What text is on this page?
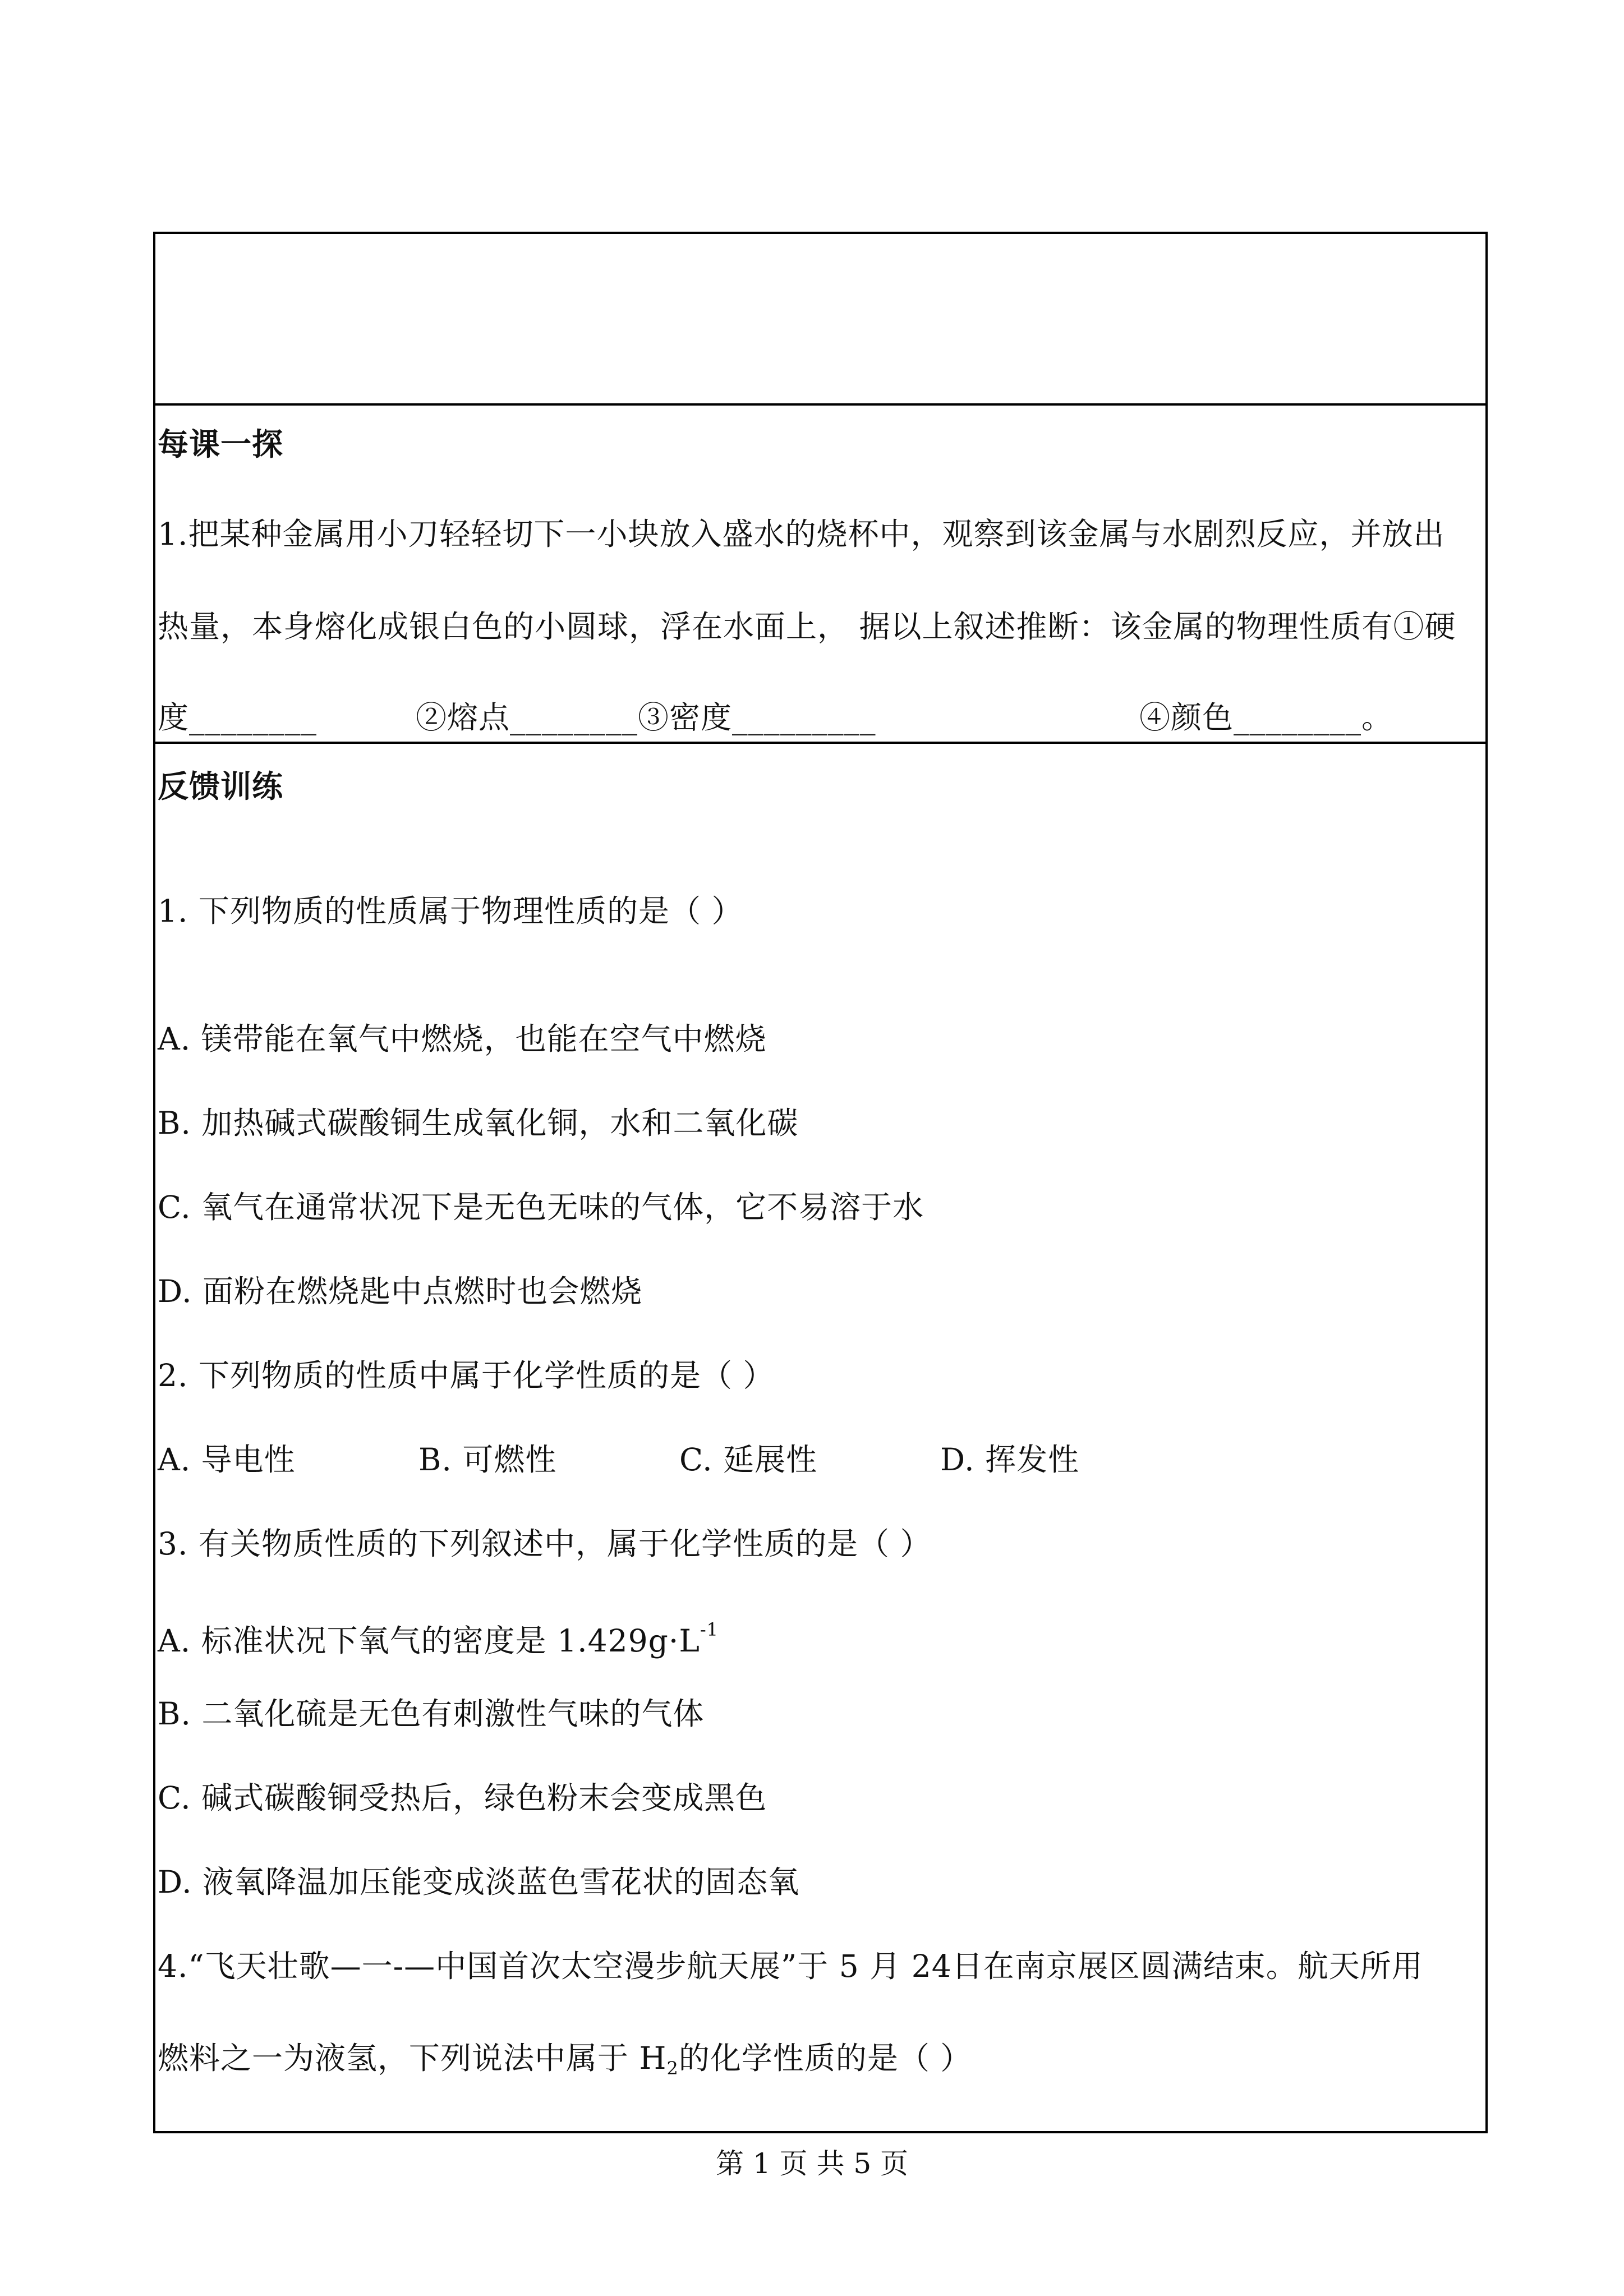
每课一探
1.把某种金属用小刀轻轻切下一小块放入盛水的烧杯中，观察到该金属与水剧烈反应，并放出
热量，本身熔化成银白色的小圆球，浮在水面上， 据以上叙述推断：该金属的物理性质有①硬
度________	②熔点________③密度_________	④颜色________。
反馈训练
1. 下列物质的性质属于物理性质的是（ ）
A. 镁带能在氧气中燃烧，也能在空气中燃烧
B. 加热碱式碳酸铜生成氧化铜，水和二氧化碳
C. 氧气在通常状况下是无色无味的气体，它不易溶于水
D. 面粉在燃烧匙中点燃时也会燃烧
2. 下列物质的性质中属于化学性质的是（ ）
A. 导电性	B. 可燃性	C. 延展性	D. 挥发性
3. 有关物质性质的下列叙述中，属于化学性质的是（ ）
A. 标准状况下氧气的密度是 $1.429g\cdot L^{-1}$
B. 二氧化硫是无色有刺激性气味的气体
C. 碱式碳酸铜受热后，绿色粉末会变成黑色
D. 液氧降温加压能变成淡蓝色雪花状的固态氧
4.“飞天壮歌—一-—中国首次太空漫步航天展”于 5 月 24日在南京展区圆满结束。航天所用
燃料之一为液氢，下列说法中属于 $H_2$的化学性质的是（ ）
第 1 页 共 5 页
